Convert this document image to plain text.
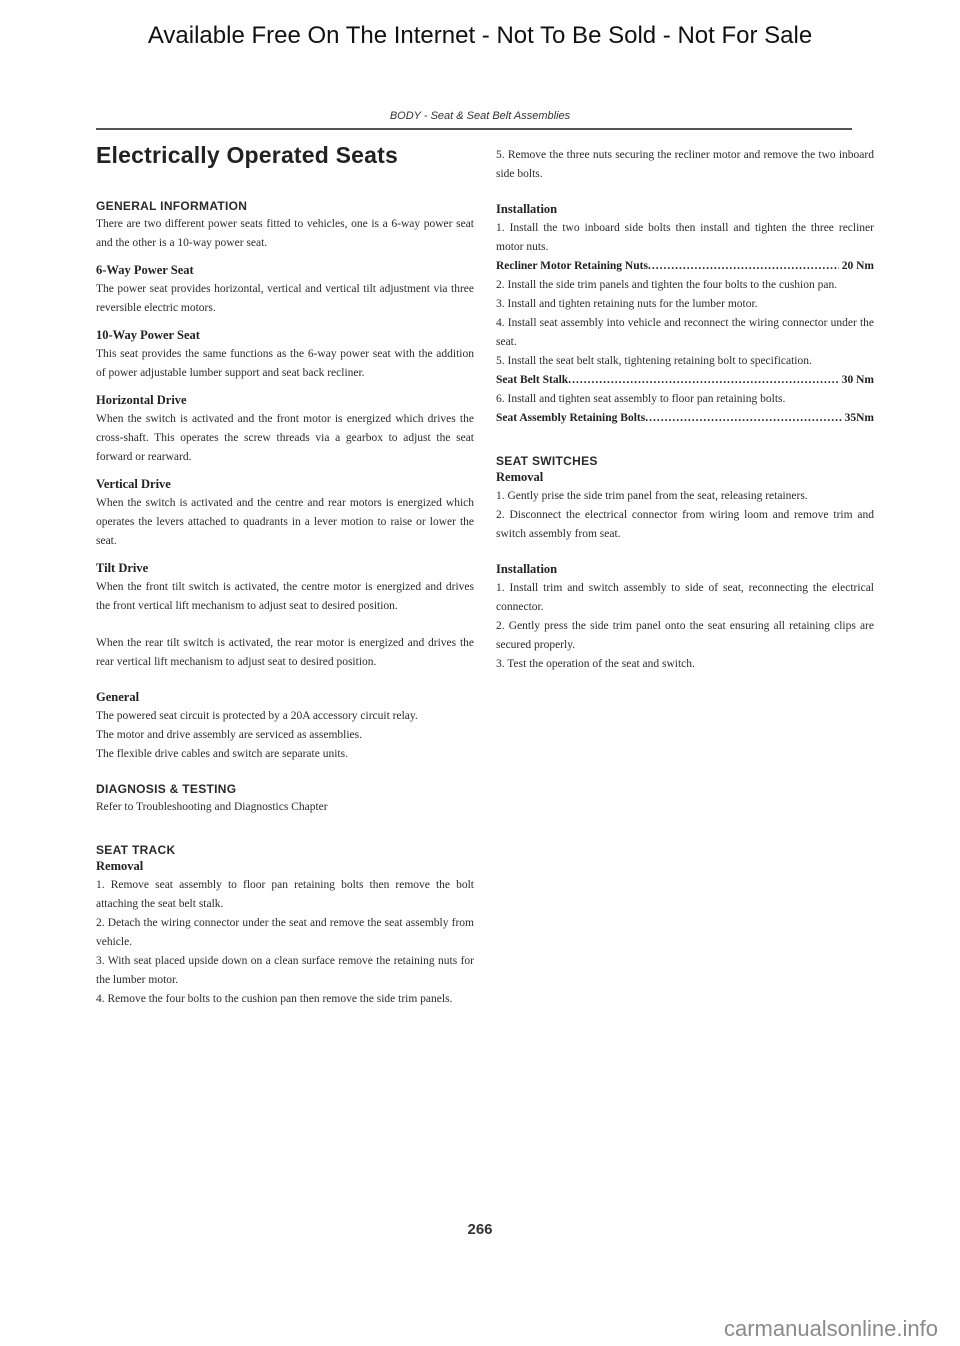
Available Free On The Internet - Not To Be Sold - Not For Sale
BODY - Seat & Seat Belt Assemblies
Electrically Operated Seats
GENERAL INFORMATION

There are two different power seats fitted to vehicles, one is a 6-way power seat and the other is a 10-way power seat.

6-Way Power Seat

The power seat provides horizontal, vertical and vertical tilt adjustment via three reversible electric motors.

10-Way Power Seat

This seat provides the same functions as the 6-way power seat with the addition of power adjustable lumber support and seat back recliner.

Horizontal Drive

When the switch is activated and the front motor is energized which drives the cross-shaft. This operates the screw threads via a gearbox to adjust the seat forward or rearward.

Vertical Drive

When the switch is activated and the centre and rear motors is energized which operates the levers attached to quadrants in a lever motion to raise or lower the seat.

Tilt Drive

When the front tilt switch is activated, the centre motor is energized and drives the front vertical lift mechanism to adjust seat to desired position.

When the rear tilt switch is activated, the rear motor is energized and drives the rear vertical lift mechanism to adjust seat to desired position.

General

The powered seat circuit is protected by a 20A accessory circuit relay.

The motor and drive assembly are serviced as assemblies.

The flexible drive cables and switch are separate units.

DIAGNOSIS & TESTING

Refer to Troubleshooting and Diagnostics Chapter

SEAT TRACK
Removal

1. Remove seat assembly to floor pan retaining bolts then remove the bolt attaching the seat belt stalk.

2. Detach the wiring connector under the seat and remove the seat assembly from vehicle.

3. With seat placed upside down on a clean surface remove the retaining nuts for the lumber motor.

4. Remove the four bolts to the cushion pan then remove the side trim panels.

5. Remove the three nuts securing the recliner motor and remove the two inboard side bolts.

Installation

1. Install the two inboard side bolts then install and tighten the three recliner motor nuts.

Recliner Motor Retaining Nuts .....	20 Nm

2. Install the side trim panels and tighten the four bolts to the cushion pan.

3. Install and tighten retaining nuts for the lumber motor.

4. Install seat assembly into vehicle and reconnect the wiring connector under the seat.

5. Install the seat belt stalk, tightening retaining bolt to specification.

Seat Belt Stalk .....	30 Nm

6. Install and tighten seat assembly to floor pan retaining bolts.

Seat Assembly Retaining Bolts .....	35Nm
SEAT SWITCHES
Removal

1. Gently prise the side trim panel from the seat, releasing retainers.

2. Disconnect the electrical connector from wiring loom and remove trim and switch assembly from seat.

Installation

1. Install trim and switch assembly to side of seat, reconnecting the electrical connector.

2. Gently press the side trim panel onto the seat ensuring all retaining clips are secured properly.

3. Test the operation of the seat and switch.

266
carmanualsonline.info
